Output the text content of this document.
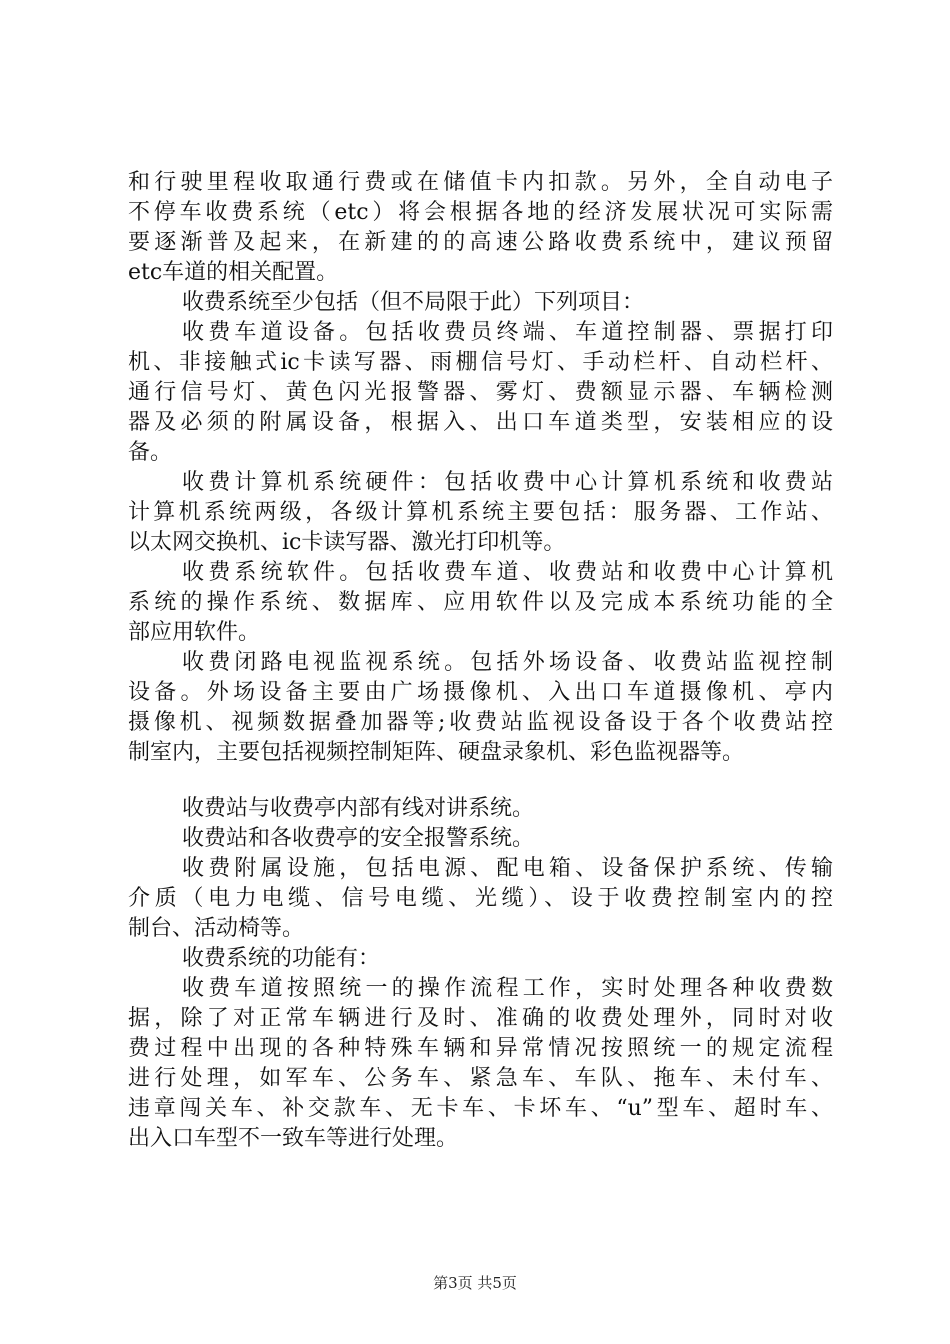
和行驶里程收取通行费或在储值卡内扣款。另外，全自动电子
不停车收费系统（etc）将会根据各地的经济发展状况可实际需
要逐渐普及起来，在新建的的高速公路收费系统中，建议预留
etc车道的相关配置。
收费系统至少包括（但不局限于此）下列项目：
收费车道设备。包括收费员终端、车道控制器、票据打印
机、非接触式ic卡读写器、雨棚信号灯、手动栏杆、自动栏杆、
通行信号灯、黄色闪光报警器、雾灯、费额显示器、车辆检测
器及必须的附属设备，根据入、出口车道类型，安装相应的设
备。
收费计算机系统硬件：包括收费中心计算机系统和收费站
计算机系统两级，各级计算机系统主要包括：服务器、工作站、
以太网交换机、ic卡读写器、激光打印机等。
收费系统软件。包括收费车道、收费站和收费中心计算机
系统的操作系统、数据库、应用软件以及完成本系统功能的全
部应用软件。
收费闭路电视监视系统。包括外场设备、收费站监视控制
设备。外场设备主要由广场摄像机、入出口车道摄像机、亭内
摄像机、视频数据叠加器等;收费站监视设备设于各个收费站控
制室内，主要包括视频控制矩阵、硬盘录象机、彩色监视器等。
收费站与收费亭内部有线对讲系统。
收费站和各收费亭的安全报警系统。
收费附属设施，包括电源、配电箱、设备保护系统、传输
介质（电力电缆、信号电缆、光缆）、设于收费控制室内的控
制台、活动椅等。
收费系统的功能有：
收费车道按照统一的操作流程工作，实时处理各种收费数
据，除了对正常车辆进行及时、准确的收费处理外，同时对收
费过程中出现的各种特殊车辆和异常情况按照统一的规定流程
进行处理，如军车、公务车、紧急车、车队、拖车、未付车、
违章闯关车、补交款车、无卡车、卡坏车、“u”型车、超时车、
出入口车型不一致车等进行处理。
第3页 共5页
